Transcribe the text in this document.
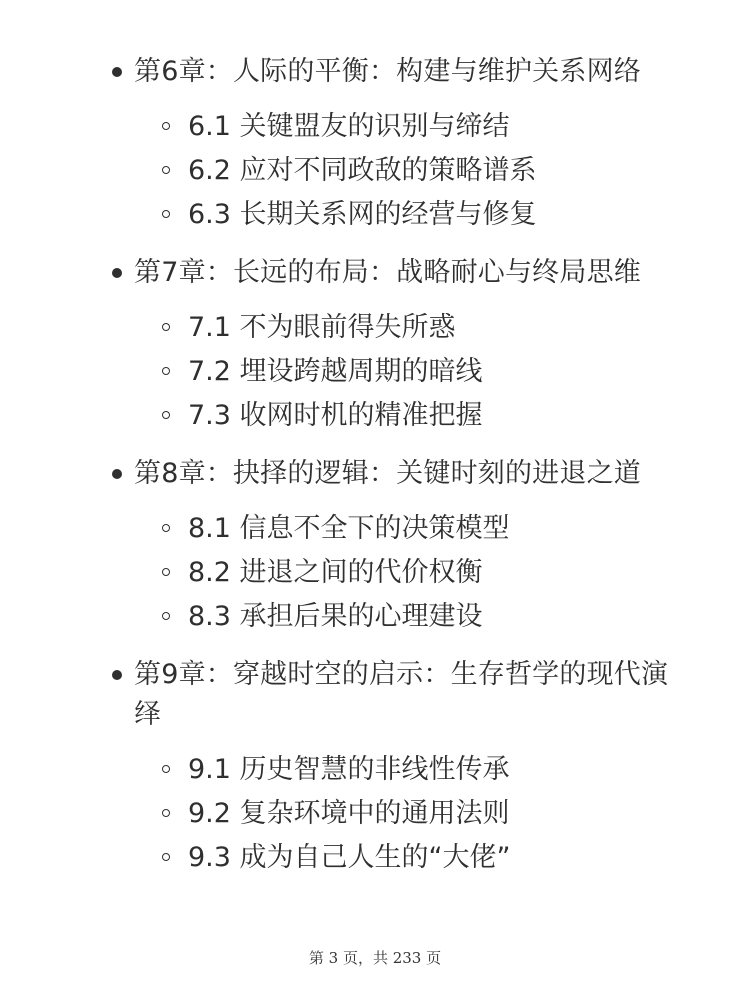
第6章：人际的平衡：构建与维护关系网络
6.1 关键盟友的识别与缔结
6.2 应对不同政敌的策略谱系
6.3 长期关系网的经营与修复
第7章：长远的布局：战略耐心与终局思维
7.1 不为眼前得失所惑
7.2 埋设跨越周期的暗线
7.3 收网时机的精准把握
第8章：抉择的逻辑：关键时刻的进退之道
8.1 信息不全下的决策模型
8.2 进退之间的代价权衡
8.3 承担后果的心理建设
第9章：穿越时空的启示：生存哲学的现代演绎
9.1 历史智慧的非线性传承
9.2 复杂环境中的通用法则
9.3 成为自己人生的“大佬”
第 3 页，共 233 页
